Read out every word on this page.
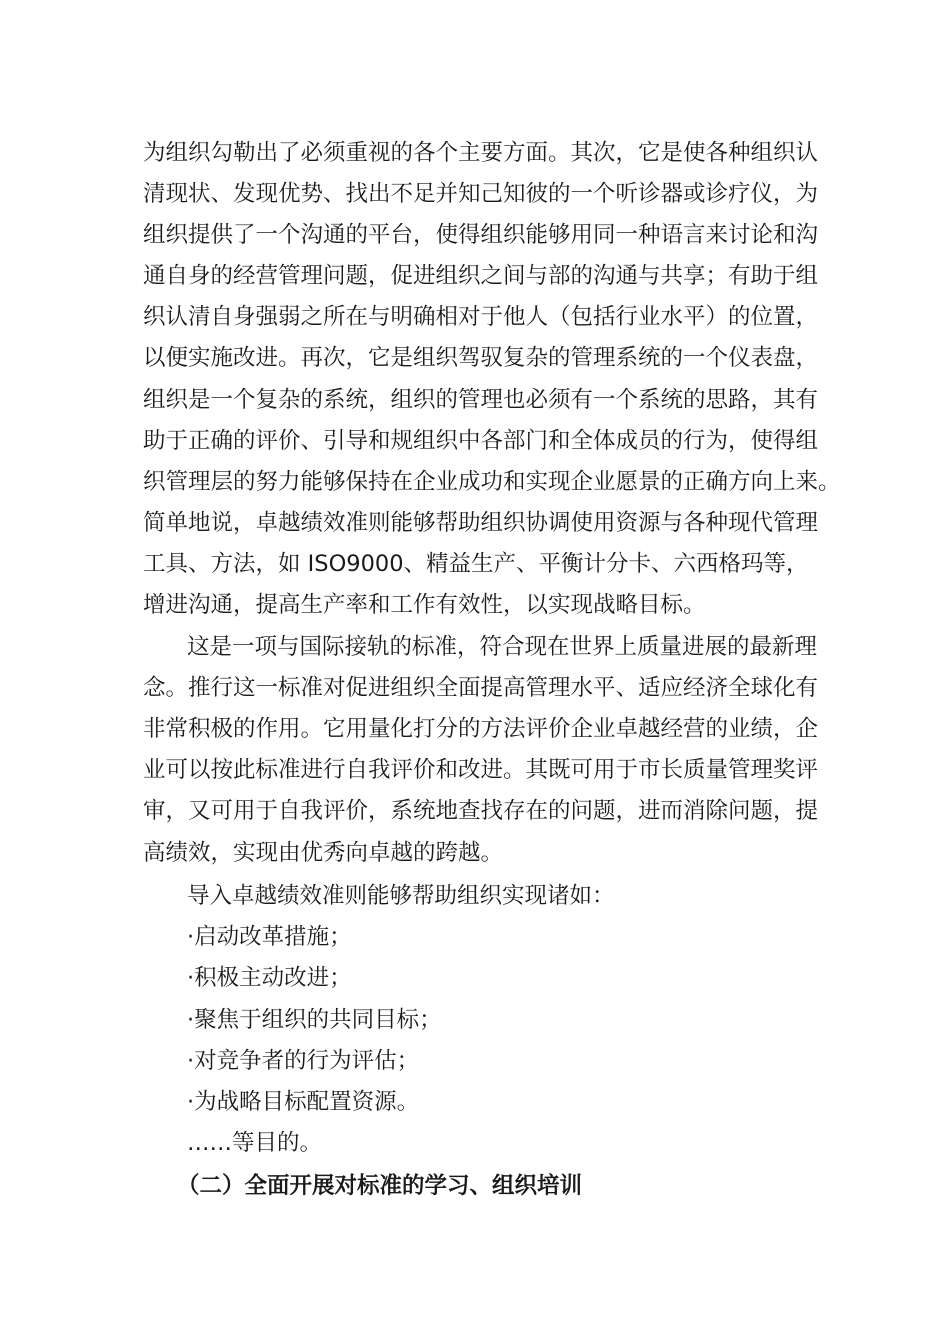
为组织勾勒出了必须重视的各个主要方面。其次，它是使各种组织认
清现状、发现优势、找出不足并知己知彼的一个听诊器或诊疗仪，为
组织提供了一个沟通的平台，使得组织能够用同一种语言来讨论和沟
通自身的经营管理问题，促进组织之间与部的沟通与共享；有助于组
织认清自身强弱之所在与明确相对于他人（包括行业水平）的位置，
以便实施改进。再次，它是组织驾驭复杂的管理系统的一个仪表盘，
组织是一个复杂的系统，组织的管理也必须有一个系统的思路，其有
助于正确的评价、引导和规组织中各部门和全体成员的行为，使得组
织管理层的努力能够保持在企业成功和实现企业愿景的正确方向上来。
简单地说，卓越绩效准则能够帮助组织协调使用资源与各种现代管理
工具、方法，如 ISO9000、精益生产、平衡计分卡、六西格玛等，
增进沟通，提高生产率和工作有效性，以实现战略目标。
这是一项与国际接轨的标准，符合现在世界上质量进展的最新理
念。推行这一标准对促进组织全面提高管理水平、适应经济全球化有
非常积极的作用。它用量化打分的方法评价企业卓越经营的业绩，企
业可以按此标准进行自我评价和改进。其既可用于市长质量管理奖评
审，又可用于自我评价，系统地查找存在的问题，进而消除问题，提
高绩效，实现由优秀向卓越的跨越。
导入卓越绩效准则能够帮助组织实现诸如：
·启动改革措施；
·积极主动改进；
·聚焦于组织的共同目标；
·对竞争者的行为评估；
·为战略目标配置资源。
……等目的。
（二）全面开展对标准的学习、组织培训
